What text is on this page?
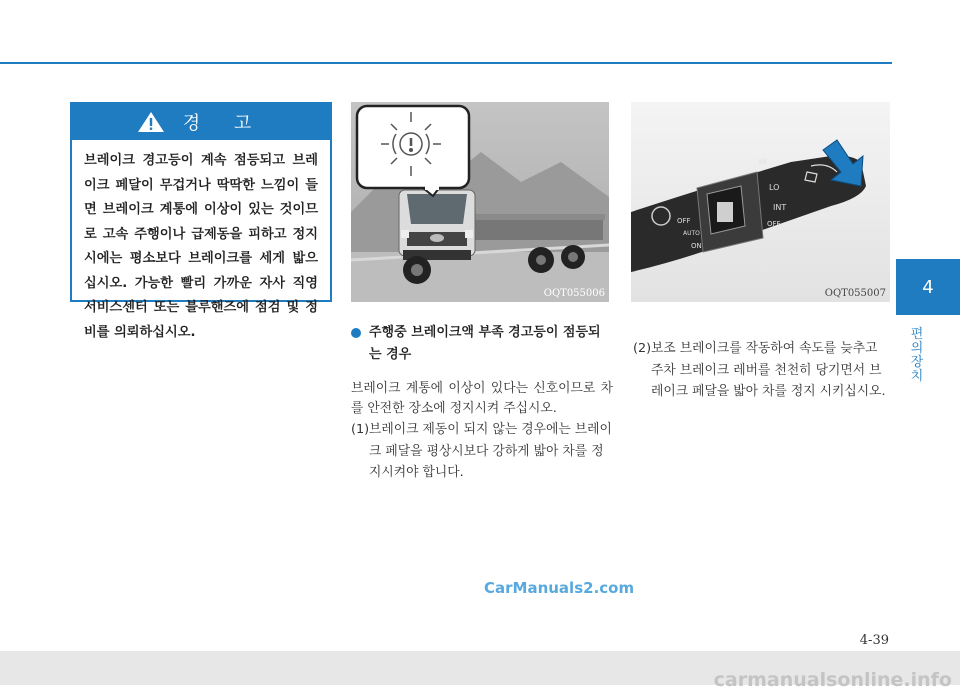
경 고
브레이크 경고등이 계속 점등되고 브레이크 페달이 무겁거나 딱딱한 느낌이 들면 브레이크 계통에 이상이 있는 것이므로 고속 주행이나 급제동을 피하고 정지시에는 평소보다 브레이크를 세게 밟으십시오. 가능한 빨리 가까운 자사 직영 서비스센터 또는 블루핸즈에 점검 및 정비를 의뢰하십시오.
OQT055006
OFF
AUTO
ON
HI
LO
INT
OFF
OQT055007
주행중 브레이크액 부족 경고등이 점등되는 경우
브레이크 계통에 이상이 있다는 신호이므로 차를 안전한 장소에 정지시켜 주십시오.
(1) 브레이크 제동이 되지 않는 경우에는 브레이크 페달을 평상시보다 강하게 밟아 차를 정지시켜야 합니다.
(2) 보조 브레이크를 작동하여 속도를 늦추고 주차 브레이크 레버를 천천히 당기면서 브레이크 페달을 밟아 차를 정지 시키십시오.
4
편의 장치
CarManuals2.com
4-39
carmanualsonline.info
